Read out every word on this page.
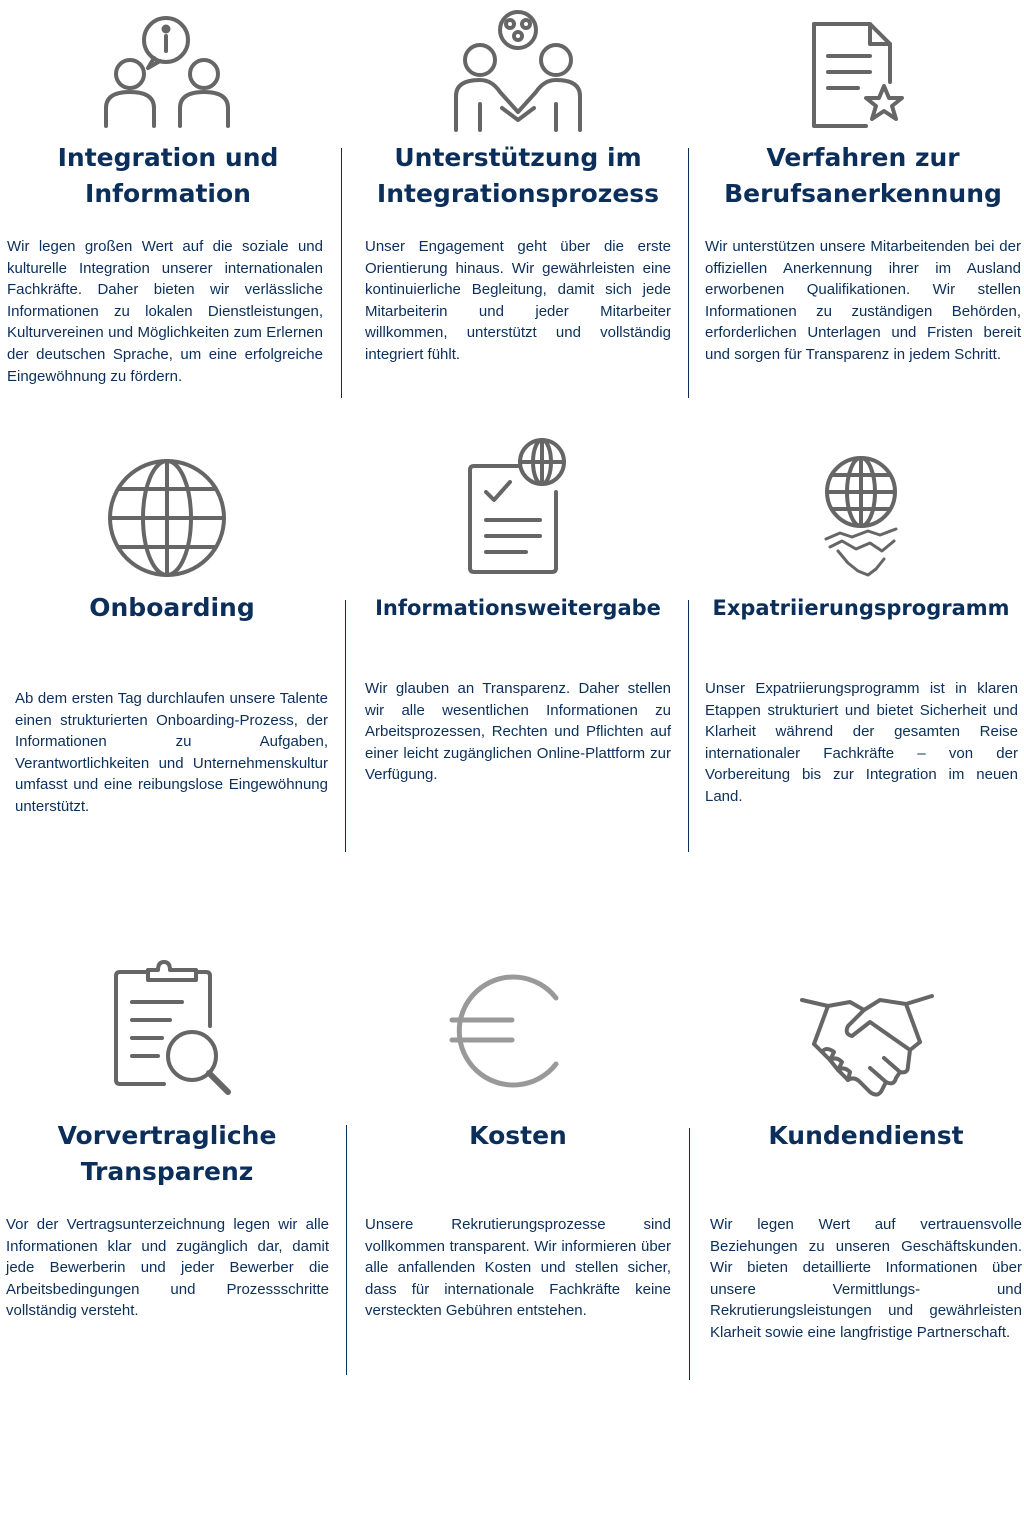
Integration und Information

Wir legen großen Wert auf die soziale und kulturelle Integration unserer internationalen Fachkräfte. Daher bieten wir verlässliche Informationen zu lokalen Dienstleistungen, Kulturvereinen und Möglichkeiten zum Erlernen der deutschen Sprache, um eine erfolgreiche Eingewöhnung zu fördern.

Unterstützung im Integrationsprozess

Unser Engagement geht über die erste Orientierung hinaus. Wir gewährleisten eine kontinuierliche Begleitung, damit sich jede Mitarbeiterin und jeder Mitarbeiter willkommen, unterstützt und vollständig integriert fühlt.

Verfahren zur Berufsanerkennung

Wir unterstützen unsere Mitarbeitenden bei der offiziellen Anerkennung ihrer im Ausland erworbenen Qualifikationen. Wir stellen Informationen zu zuständigen Behörden, erforderlichen Unterlagen und Fristen bereit und sorgen für Transparenz in jedem Schritt.

Onboarding

Ab dem ersten Tag durchlaufen unsere Talente einen strukturierten Onboarding-Prozess, der Informationen zu Aufgaben, Verantwortlichkeiten und Unternehmenskultur umfasst und eine reibungslose Eingewöhnung unterstützt.

Informationsweitergabe

Wir glauben an Transparenz. Daher stellen wir alle wesentlichen Informationen zu Arbeitsprozessen, Rechten und Pflichten auf einer leicht zugänglichen Online-Plattform zur Verfügung.

Expatriierungsprogramm

Unser Expatriierungsprogramm ist in klaren Etappen strukturiert und bietet Sicherheit und Klarheit während der gesamten Reise internationaler Fachkräfte – von der Vorbereitung bis zur Integration im neuen Land.

Vorvertragliche Transparenz

Vor der Vertragsunterzeichnung legen wir alle Informationen klar und zugänglich dar, damit jede Bewerberin und jeder Bewerber die Arbeitsbedingungen und Prozessschritte vollständig versteht.

Kosten

Unsere Rekrutierungsprozesse sind vollkommen transparent. Wir informieren über alle anfallenden Kosten und stellen sicher, dass für internationale Fachkräfte keine versteckten Gebühren entstehen.

Kundendienst

Wir legen Wert auf vertrauensvolle Beziehungen zu unseren Geschäftskunden. Wir bieten detaillierte Informationen über unsere Vermittlungs- und Rekrutierungsleistungen und gewährleisten Klarheit sowie eine langfristige Partnerschaft.
